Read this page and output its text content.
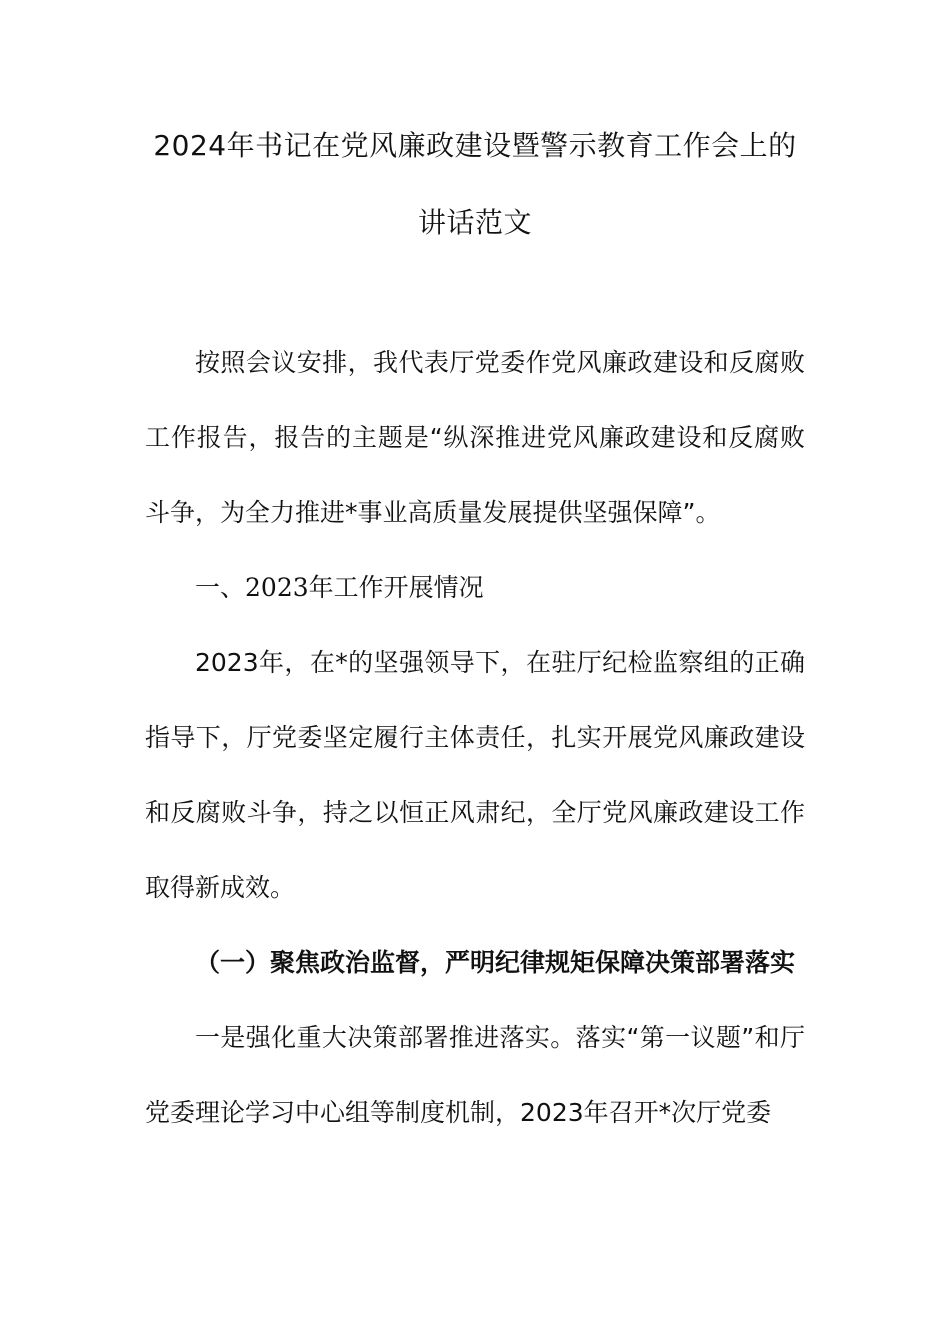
2024年书记在党风廉政建设暨警示教育工作会上的
讲话范文

按照会议安排，我代表厅党委作党风廉政建设和反腐败工作报告，报告的主题是“纵深推进党风廉政建设和反腐败斗争，为全力推进*事业高质量发展提供坚强保障”。

一、2023年工作开展情况

2023年，在*的坚强领导下，在驻厅纪检监察组的正确指导下，厅党委坚定履行主体责任，扎实开展党风廉政建设和反腐败斗争，持之以恒正风肃纪，全厅党风廉政建设工作取得新成效。

（一）聚焦政治监督，严明纪律规矩保障决策部署落实

一是强化重大决策部署推进落实。落实“第一议题”和厅党委理论学习中心组等制度机制，2023年召开*次厅党委
